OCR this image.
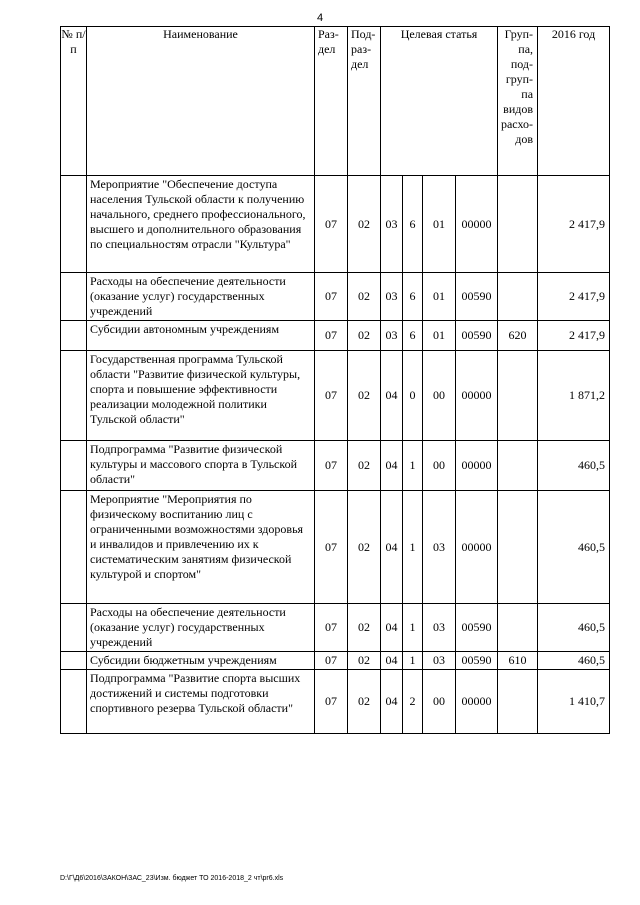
4
№ п/п	Наименование	Раз-дел	Под-раз-дел	Целевая статья				Груп-па, под-груп-па видов расхо-дов	2016 год
	Мероприятие "Обеспечение доступа населения Тульской области к получению начального, среднего профессионального, высшего и дополнительного образования по специальностям отрасли "Культура"	07	02	03	6	01	00000		2 417,9
	Расходы на обеспечение деятельности (оказание услуг) государственных учреждений	07	02	03	6	01	00590		2 417,9
	Субсидии автономным учреждениям	07	02	03	6	01	00590	620	2 417,9
	Государственная программа Тульской области "Развитие физической культуры, спорта и повышение эффективности реализации молодежной политики Тульской области"	07	02	04	0	00	00000		1 871,2
	Подпрограмма "Развитие физической культуры и массового спорта в Тульской области"	07	02	04	1	00	00000		460,5
	Мероприятие "Мероприятия по физическому воспитанию лиц с ограниченными возможностями здоровья и инвалидов и привлечению их к систематическим занятиям физической культурой и спортом"	07	02	04	1	03	00000		460,5
	Расходы на обеспечение деятельности (оказание услуг) государственных учреждений	07	02	04	1	03	00590		460,5
	Субсидии бюджетным учреждениям	07	02	04	1	03	00590	610	460,5
	Подпрограмма "Развитие спорта высших достижений и системы подготовки спортивного резерва Тульской области"	07	02	04	2	00	00000		1 410,7
D:\Г\Д6\2016\ЗАКОН\ЗАС_23\Изм. бюджет ТО 2016-2018_2 чт\pr6.xls
